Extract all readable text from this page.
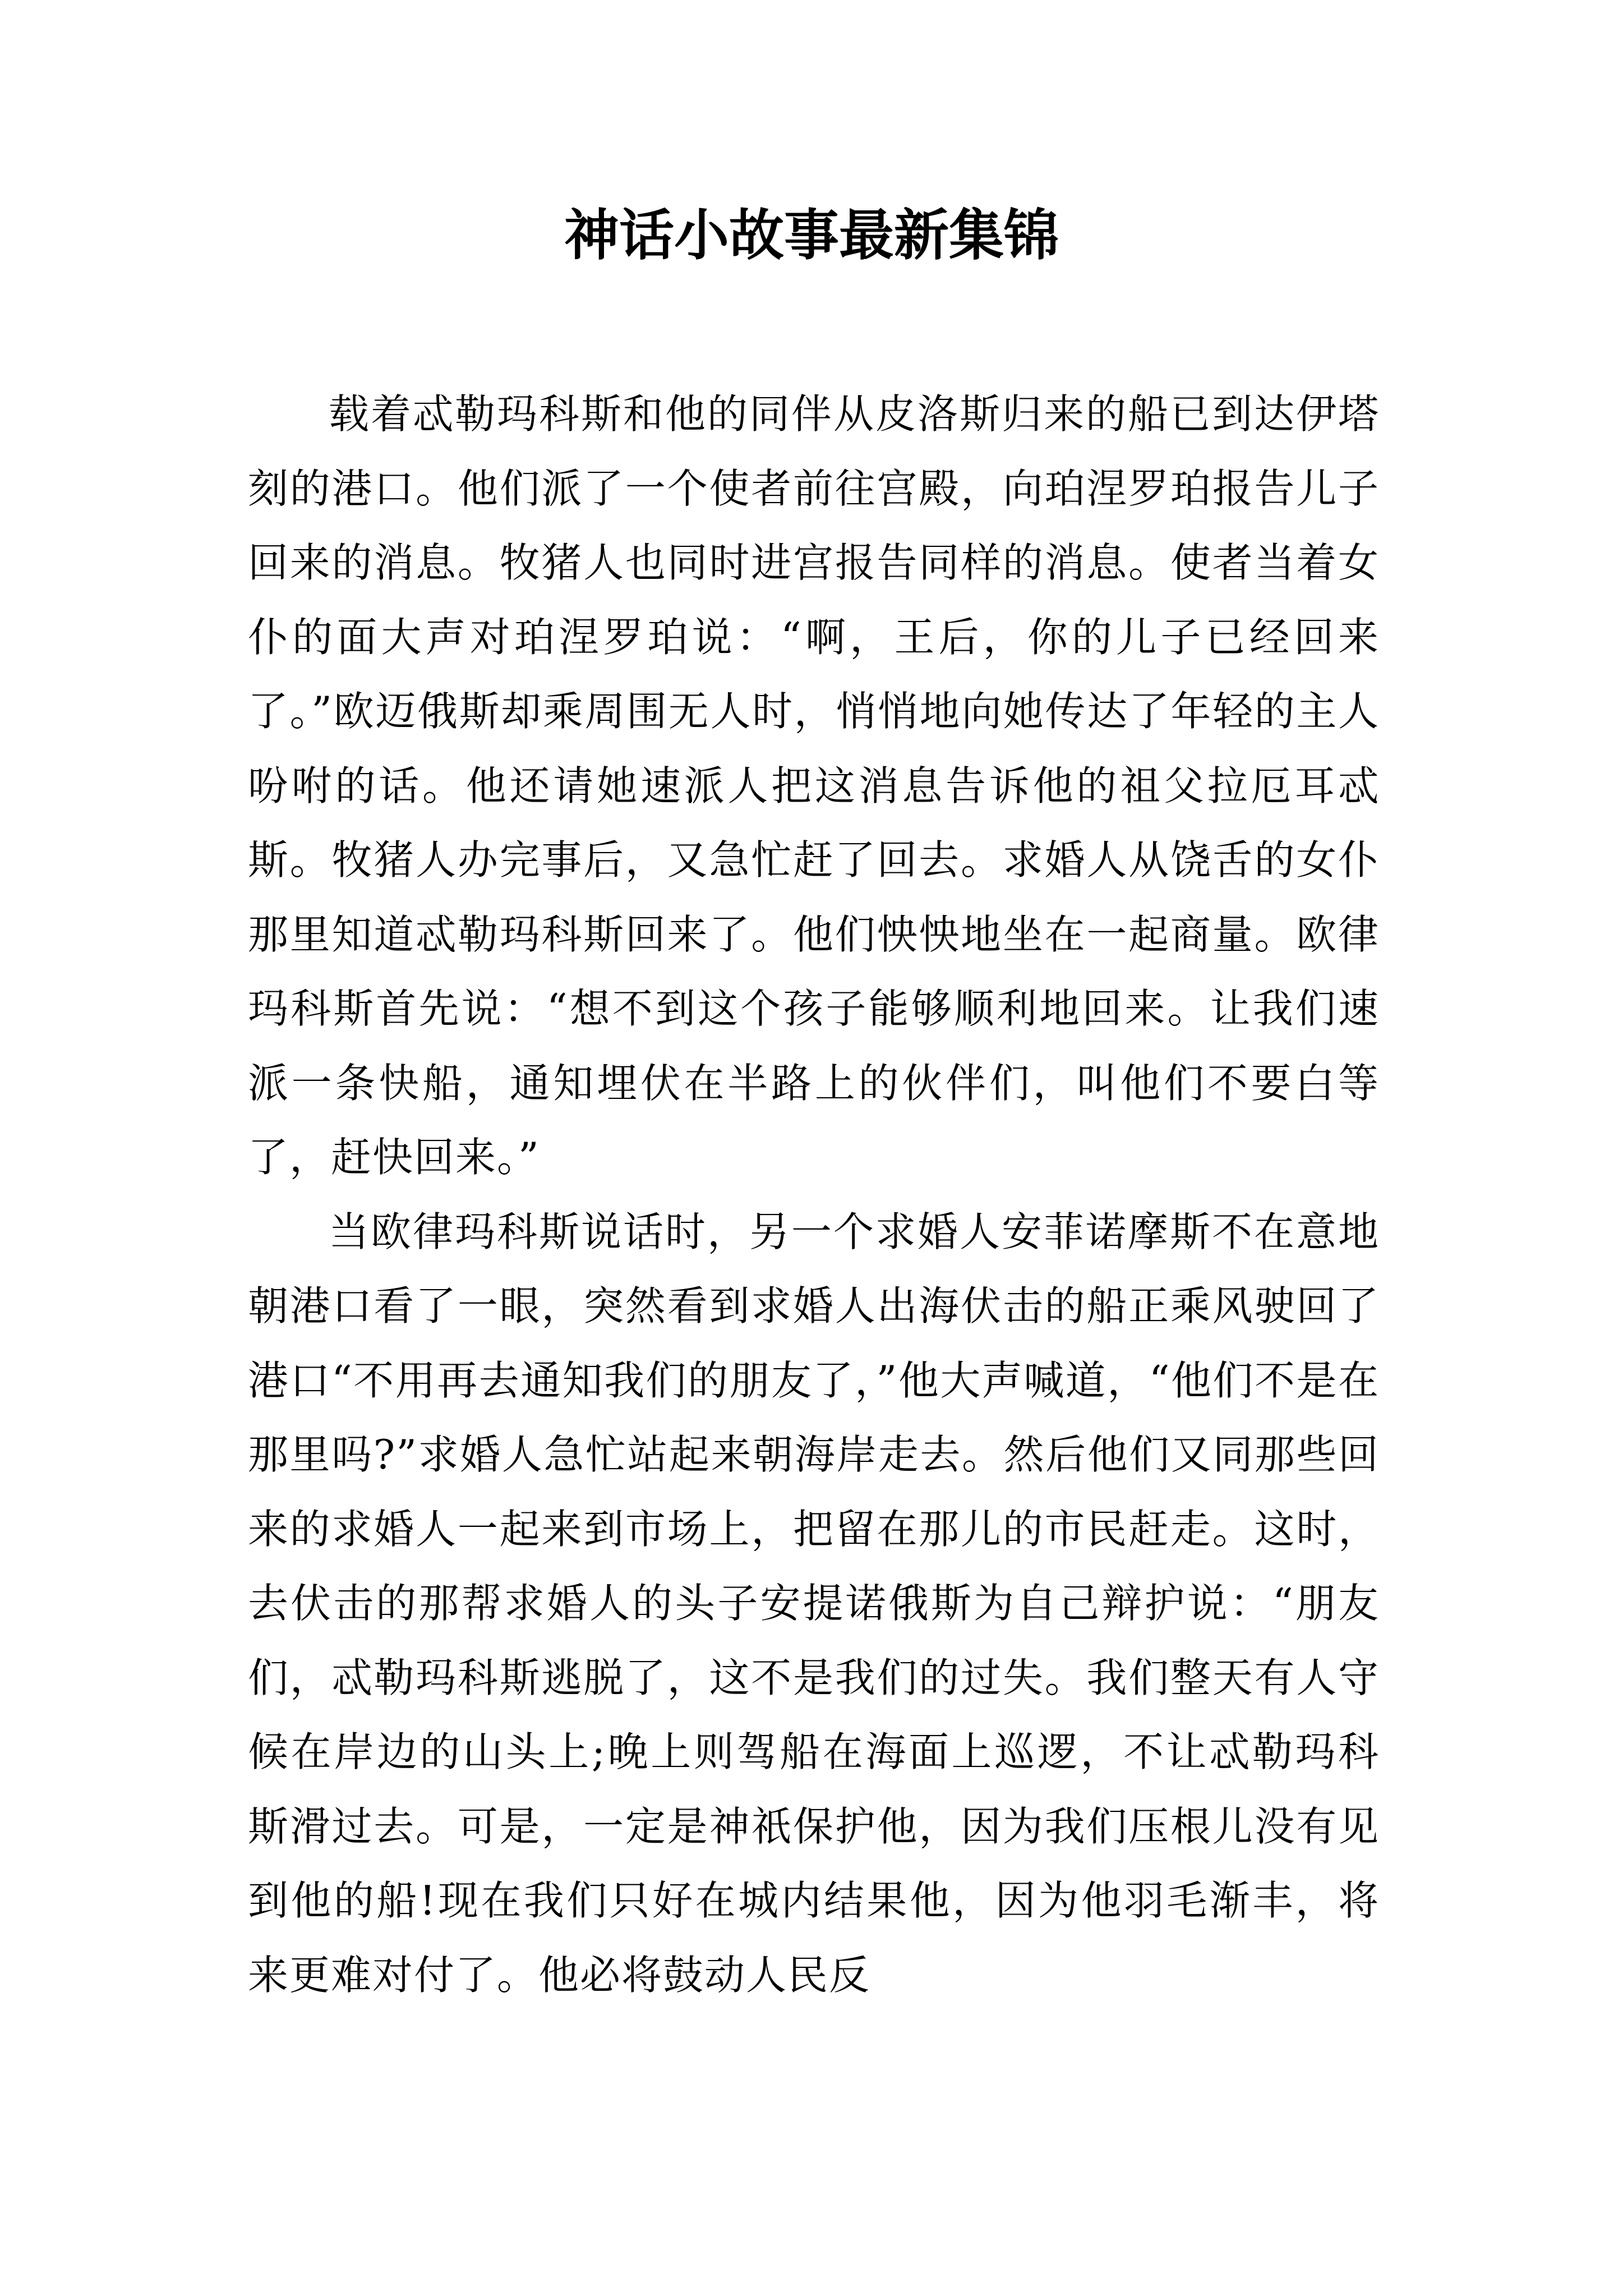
神话小故事最新集锦

载着忒勒玛科斯和他的同伴从皮洛斯归来的船已到达伊塔刻的港口。他们派了一个使者前往宫殿，向珀涅罗珀报告儿子回来的消息。牧猪人也同时进宫报告同样的消息。使者当着女仆的面大声对珀涅罗珀说：“啊，王后，你的儿子已经回来了。”欧迈俄斯却乘周围无人时，悄悄地向她传达了年轻的主人吩咐的话。他还请她速派人把这消息告诉他的祖父拉厄耳忒斯。牧猪人办完事后，又急忙赶了回去。求婚人从饶舌的女仆那里知道忒勒玛科斯回来了。他们怏怏地坐在一起商量。欧律玛科斯首先说：“想不到这个孩子能够顺利地回来。让我们速派一条快船，通知埋伏在半路上的伙伴们，叫他们不要白等了，赶快回来。”

当欧律玛科斯说话时，另一个求婚人安菲诺摩斯不在意地朝港口看了一眼，突然看到求婚人出海伏击的船正乘风驶回了港口“不用再去通知我们的朋友了，”他大声喊道，“他们不是在那里吗?”求婚人急忙站起来朝海岸走去。然后他们又同那些回来的求婚人一起来到市场上，把留在那儿的市民赶走。这时，去伏击的那帮求婚人的头子安提诺俄斯为自己辩护说：“朋友们，忒勒玛科斯逃脱了，这不是我们的过失。我们整天有人守候在岸边的山头上;晚上则驾船在海面上巡逻，不让忒勒玛科斯滑过去。可是，一定是神祇保护他，因为我们压根儿没有见到他的船!现在我们只好在城内结果他，因为他羽毛渐丰，将来更难对付了。他必将鼓动人民反
